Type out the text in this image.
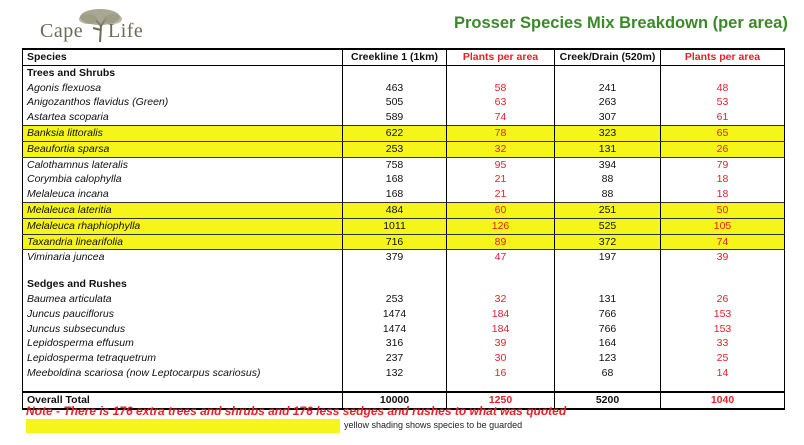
Cape Life	Prosser Species Mix Breakdown (per area)
Species	Creekline 1 (1km)	Plants per area	Creek/Drain (520m)	Plants per area
Trees and Shrubs				
Agonis flexuosa	463	58	241	48
Anigozanthos flavidus (Green)	505	63	263	53
Astartea scoparia	589	74	307	61
Banksia littoralis	622	78	323	65
Beaufortia sparsa	253	32	131	26
Calothamnus lateralis	758	95	394	79
Corymbia calophylla	168	21	88	18
Melaleuca incana	168	21	88	18
Melaleuca lateritia	484	60	251	50
Melaleuca rhaphiophylla	1011	126	525	105
Taxandria linearifolia	716	89	372	74
Viminaria juncea	379	47	197	39

Sedges and Rushes				
Baumea articulata	253	32	131	26
Juncus pauciflorus	1474	184	766	153
Juncus subsecundus	1474	184	766	153
Lepidosperma effusum	316	39	164	33
Lepidosperma tetraquetrum	237	30	123	25
Meeboldina scariosa (now Leptocarpus scariosus)	132	16	68	14

Overall Total	10000	1250	5200	1040
Note - There is 176 extra trees and shrubs and 176 less sedges and rushes to what was quoted
yellow shading shows species to be guarded
